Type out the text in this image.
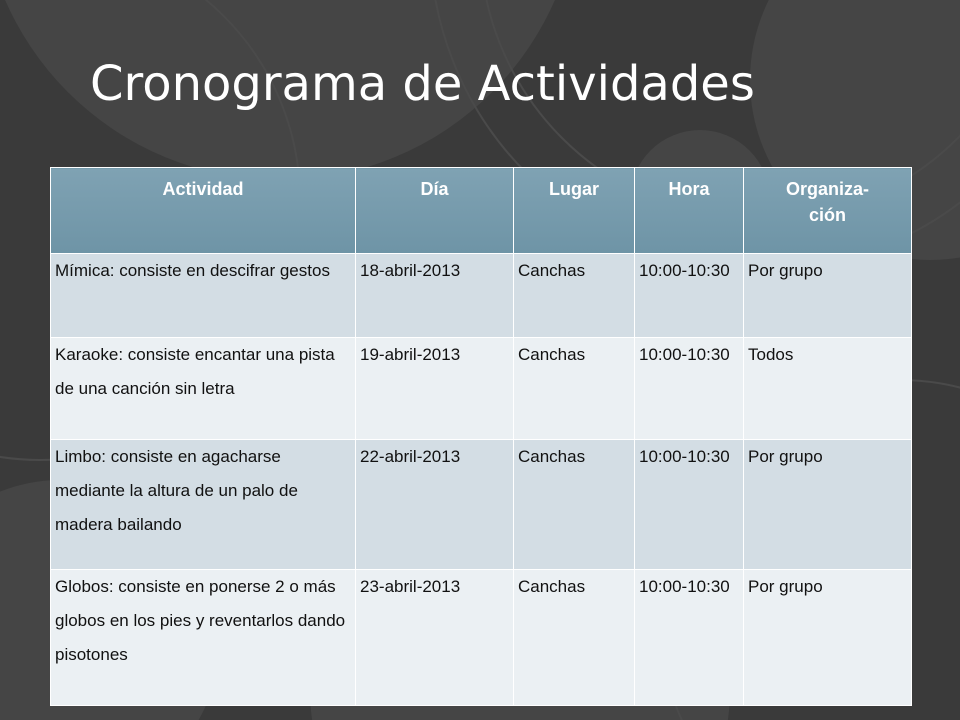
Cronograma de Actividades
Actividad	Día	Lugar	Hora	Organiza-
ción
Mímica: consiste en descifrar gestos	18-abril-2013	Canchas	10:00-10:30	Por grupo
Karaoke: consiste encantar una pista de una canción sin letra	19-abril-2013	Canchas	10:00-10:30	Todos
Limbo: consiste en agacharse mediante la altura de un palo de madera bailando	22-abril-2013	Canchas	10:00-10:30	Por grupo
Globos: consiste en ponerse 2 o más globos en los pies y reventarlos dando pisotones	23-abril-2013	Canchas	10:00-10:30	Por grupo
